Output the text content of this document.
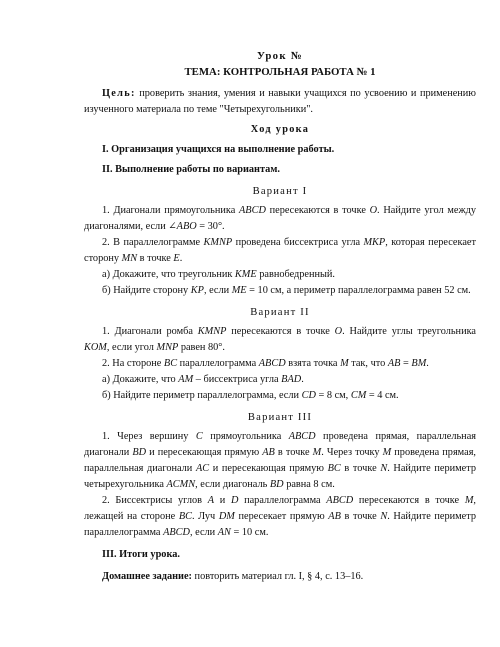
Урок №

ТЕМА: КОНТРОЛЬНАЯ РАБОТА № 1

Цель: проверить знания, умения и навыки учащихся по усвоению и применению изученного материала по теме "Четырехугольники".

Ход урока

I. Организация учащихся на выполнение работы.

II. Выполнение работы по вариантам.

Вариант I

1. Диагонали прямоугольника ABCD пересекаются в точке O. Найдите угол между диагоналями, если ∠ABO = 30°.

2. В параллелограмме KMNP проведена биссектриса угла MKP, которая пересекает сторону MN в точке E.

а) Докажите, что треугольник KME равнобедренный.

б) Найдите сторону KP, если ME = 10 см, а периметр параллелограмма равен 52 см.

Вариант II

1. Диагонали ромба KMNP пересекаются в точке O. Найдите углы треугольника KOM, если угол MNP равен 80°.

2. На стороне BC параллелограмма ABCD взята точка M так, что AB = BM.

а) Докажите, что AM – биссектриса угла BAD.

б) Найдите периметр параллелограмма, если CD = 8 см, CM = 4 см.

Вариант III

1. Через вершину C прямоугольника ABCD проведена прямая, параллельная диагонали BD и пересекающая прямую AB в точке M. Через точку M проведена прямая, параллельная диагонали AC и пересекающая прямую BC в точке N. Найдите периметр четырехугольника ACMN, если диагональ BD равна 8 см.

2. Биссектрисы углов A и D параллелограмма ABCD пересекаются в точке M, лежащей на стороне BC. Луч DM пересекает прямую AB в точке N. Найдите периметр параллелограмма ABCD, если AN = 10 см.

III. Итоги урока.

Домашнее задание: повторить материал гл. I, § 4, с. 13–16.
